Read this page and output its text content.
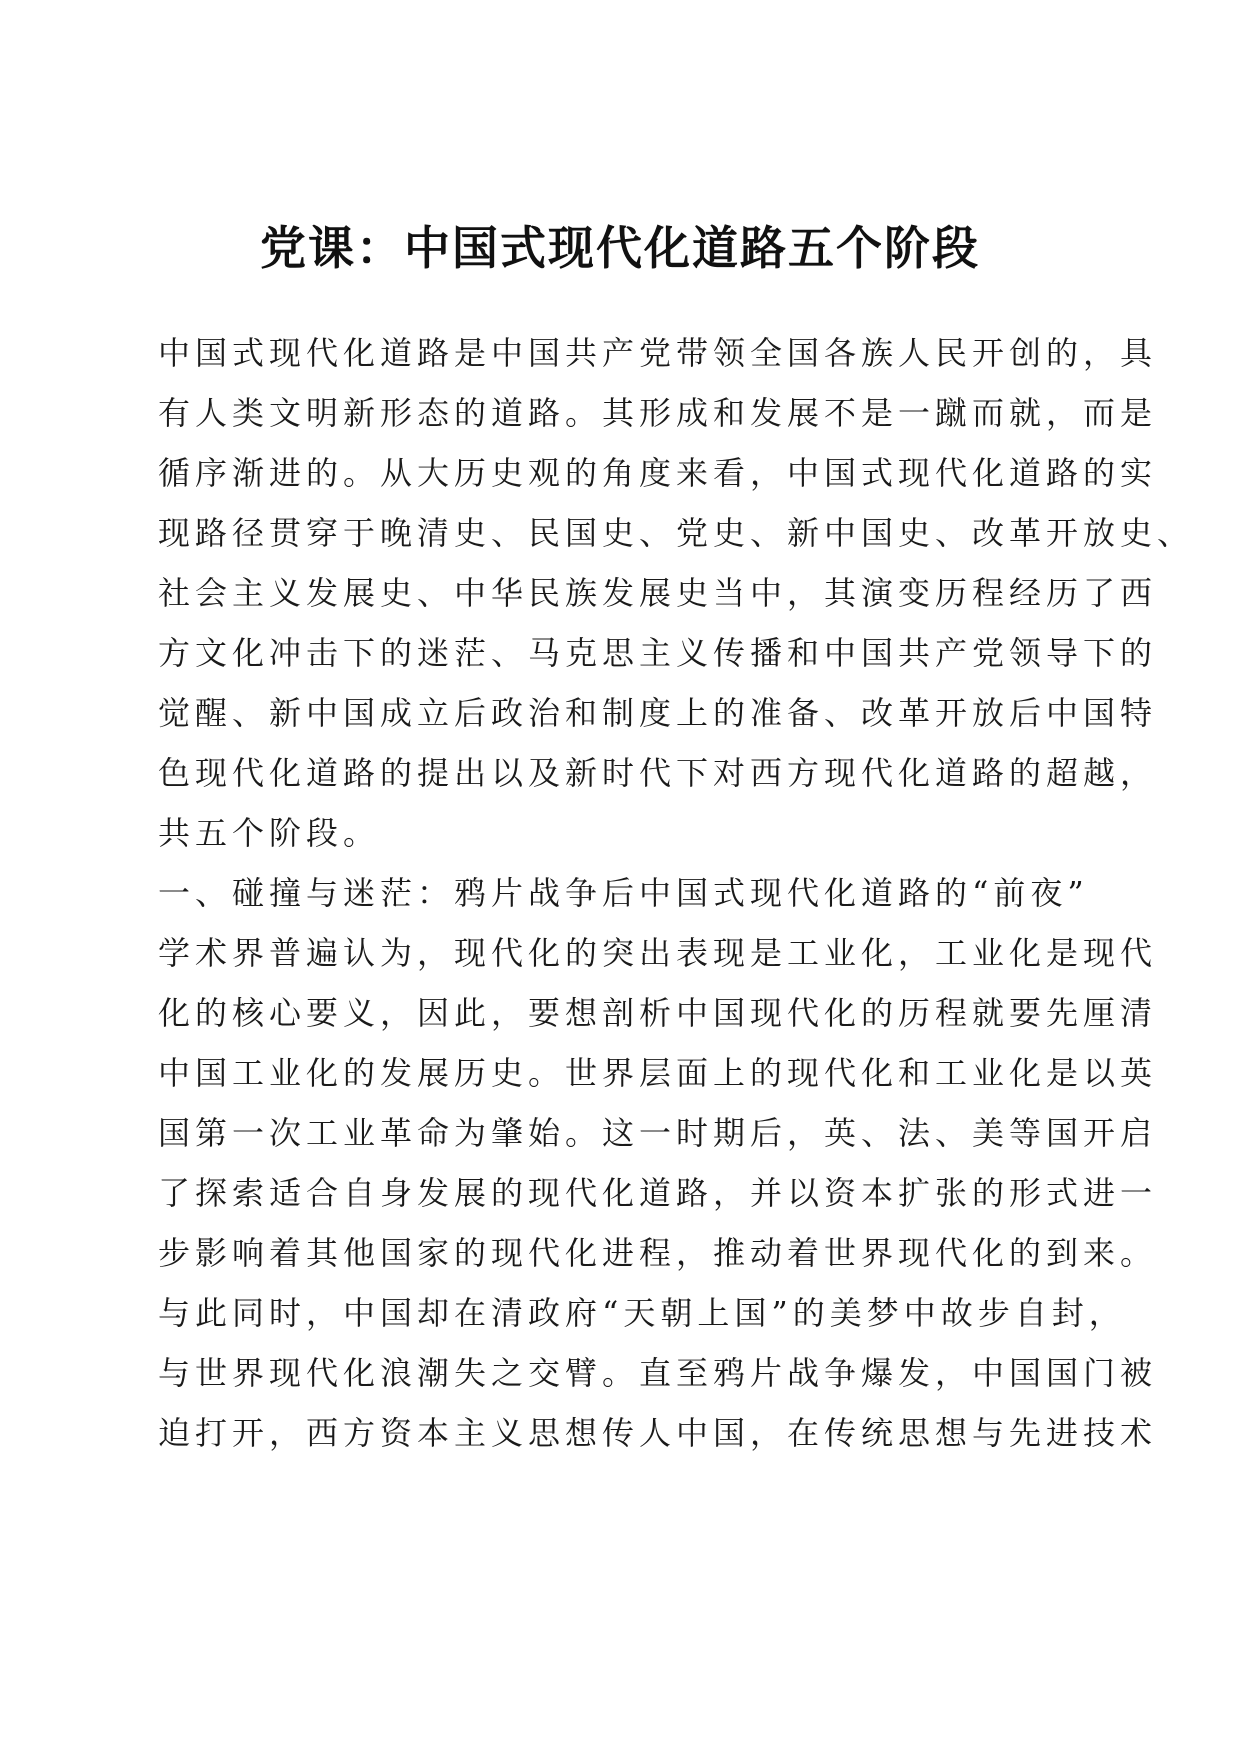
党课：中国式现代化道路五个阶段
中国式现代化道路是中国共产党带领全国各族人民开创的，具
有人类文明新形态的道路。其形成和发展不是一蹴而就，而是
循序渐进的。从大历史观的角度来看，中国式现代化道路的实
现路径贯穿于晚清史、民国史、党史、新中国史、改革开放史、
社会主义发展史、中华民族发展史当中，其演变历程经历了西
方文化冲击下的迷茫、马克思主义传播和中国共产党领导下的
觉醒、新中国成立后政治和制度上的准备、改革开放后中国特
色现代化道路的提出以及新时代下对西方现代化道路的超越，
共五个阶段。
一、碰撞与迷茫：鸦片战争后中国式现代化道路的“前夜”
学术界普遍认为，现代化的突出表现是工业化，工业化是现代
化的核心要义，因此，要想剖析中国现代化的历程就要先厘清
中国工业化的发展历史。世界层面上的现代化和工业化是以英
国第一次工业革命为肇始。这一时期后，英、法、美等国开启
了探索适合自身发展的现代化道路，并以资本扩张的形式进一
步影响着其他国家的现代化进程，推动着世界现代化的到来。
与此同时，中国却在清政府“天朝上国”的美梦中故步自封，
与世界现代化浪潮失之交臂。直至鸦片战争爆发，中国国门被
迫打开，西方资本主义思想传人中国，在传统思想与先进技术
